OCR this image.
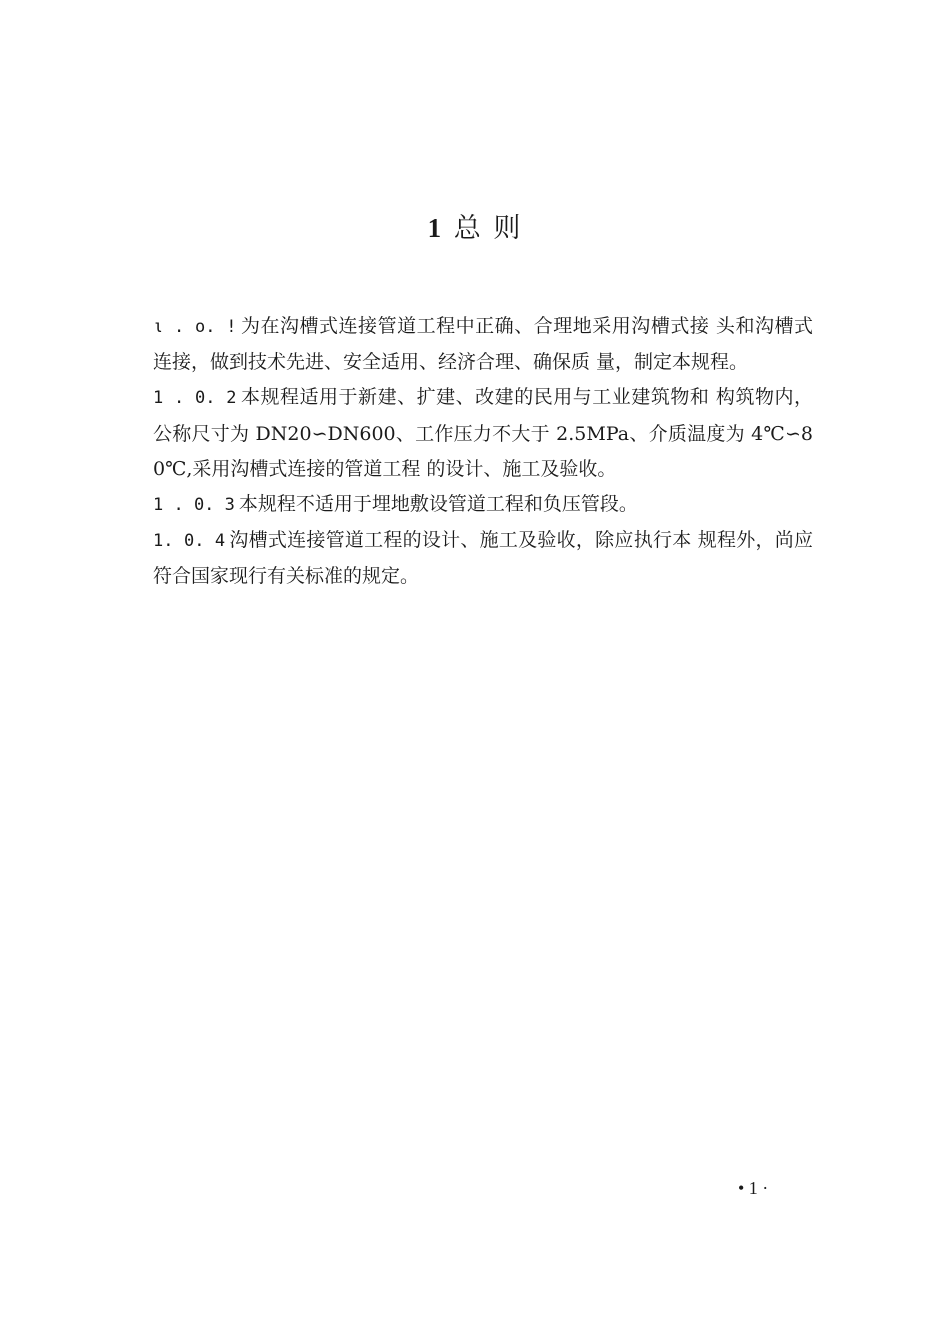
1 总 则

ι . o. ! 为在沟槽式连接管道工程中正确、合理地采用沟槽式接 头和沟槽式连接，做到技术先进、安全适用、经济合理、确保质 量，制定本规程。

1 . 0. 2 本规程适用于新建、扩建、改建的民用与工业建筑物和 构筑物内，公称尺寸为 DN20∽DN600、工作压力不大于 2.5MPa、介质温度为 4℃∽80℃,采用沟槽式连接的管道工程 的设计、施工及验收。

1 . 0. 3 本规程不适用于埋地敷设管道工程和负压管段。

1. 0. 4 沟槽式连接管道工程的设计、施工及验收，除应执行本 规程外，尚应符合国家现行有关标准的规定。

• 1 ·
